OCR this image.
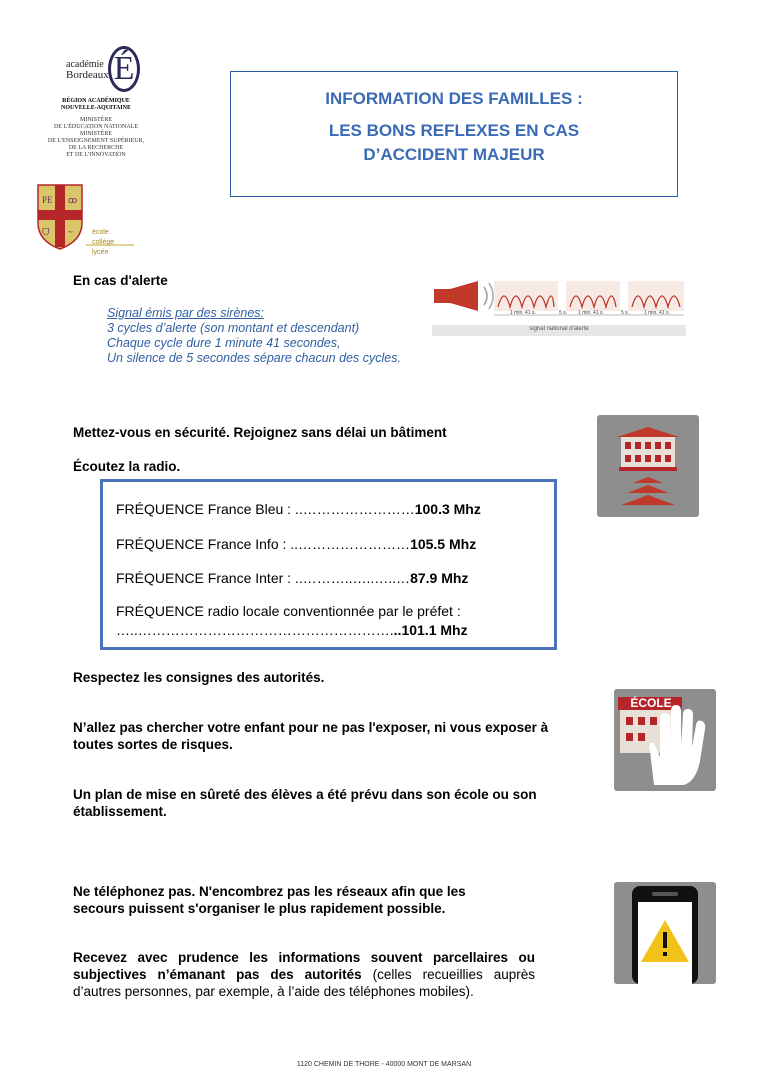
académie
Bordeaux É
RÉGION ACADÉMIQUE
NOUVELLE-AQUITAINE
MINISTÈRE
DE L'ÉDUCATION NATIONALE
MINISTÈRE
DE L'ENSEIGNEMENT SUPÉRIEUR,
DE LA RECHERCHE
ET DE L'INNOVATION
PE ꝏ
ᗜ ~	école
collège
lycée
INFORMATION DES FAMILLES :
LES BONS REFLEXES EN CAS
D’ACCIDENT MAJEUR
En cas d'alerte
Signal émis par des sirènes:
3 cycles d’alerte (son montant et descendant)
Chaque cycle dure 1 minute 41 secondes,
Un silence de 5 secondes sépare chacun des cycles.
1 min. 41 s.	5 s. 1 min. 41 s.	5 s.	1 min. 41 s.
signal national d'alerte
Mettez-vous en sécurité. Rejoignez sans délai un bâtiment
Écoutez la radio.
FRÉQUENCE France Bleu : ..……………………100.3 Mhz
FRÉQUENCE France Info : ..……………………105.5 Mhz
FRÉQUENCE France Inter : ..………..…..…..…87.9 Mhz
FRÉQUENCE radio locale conventionnée par le préfet :
…..………………………………………………...101.1 Mhz
Respectez les consignes des autorités.
N’allez pas chercher votre enfant pour ne pas l'exposer, ni vous exposer à toutes sortes de risques.
ÉCOLE
Un plan de mise en sûreté des élèves a été prévu dans son école ou son établissement.
Ne téléphonez pas. N'encombrez pas les réseaux afin que les secours puissent s'organiser le plus rapidement possible.
Recevez avec prudence les informations souvent parcellaires ou subjectives n’émanant pas des autorités (celles recueillies auprès d’autres personnes, par exemple, à l’aide des téléphones mobiles).
1120 CHEMIN DE THORE - 40000 MONT DE MARSAN
